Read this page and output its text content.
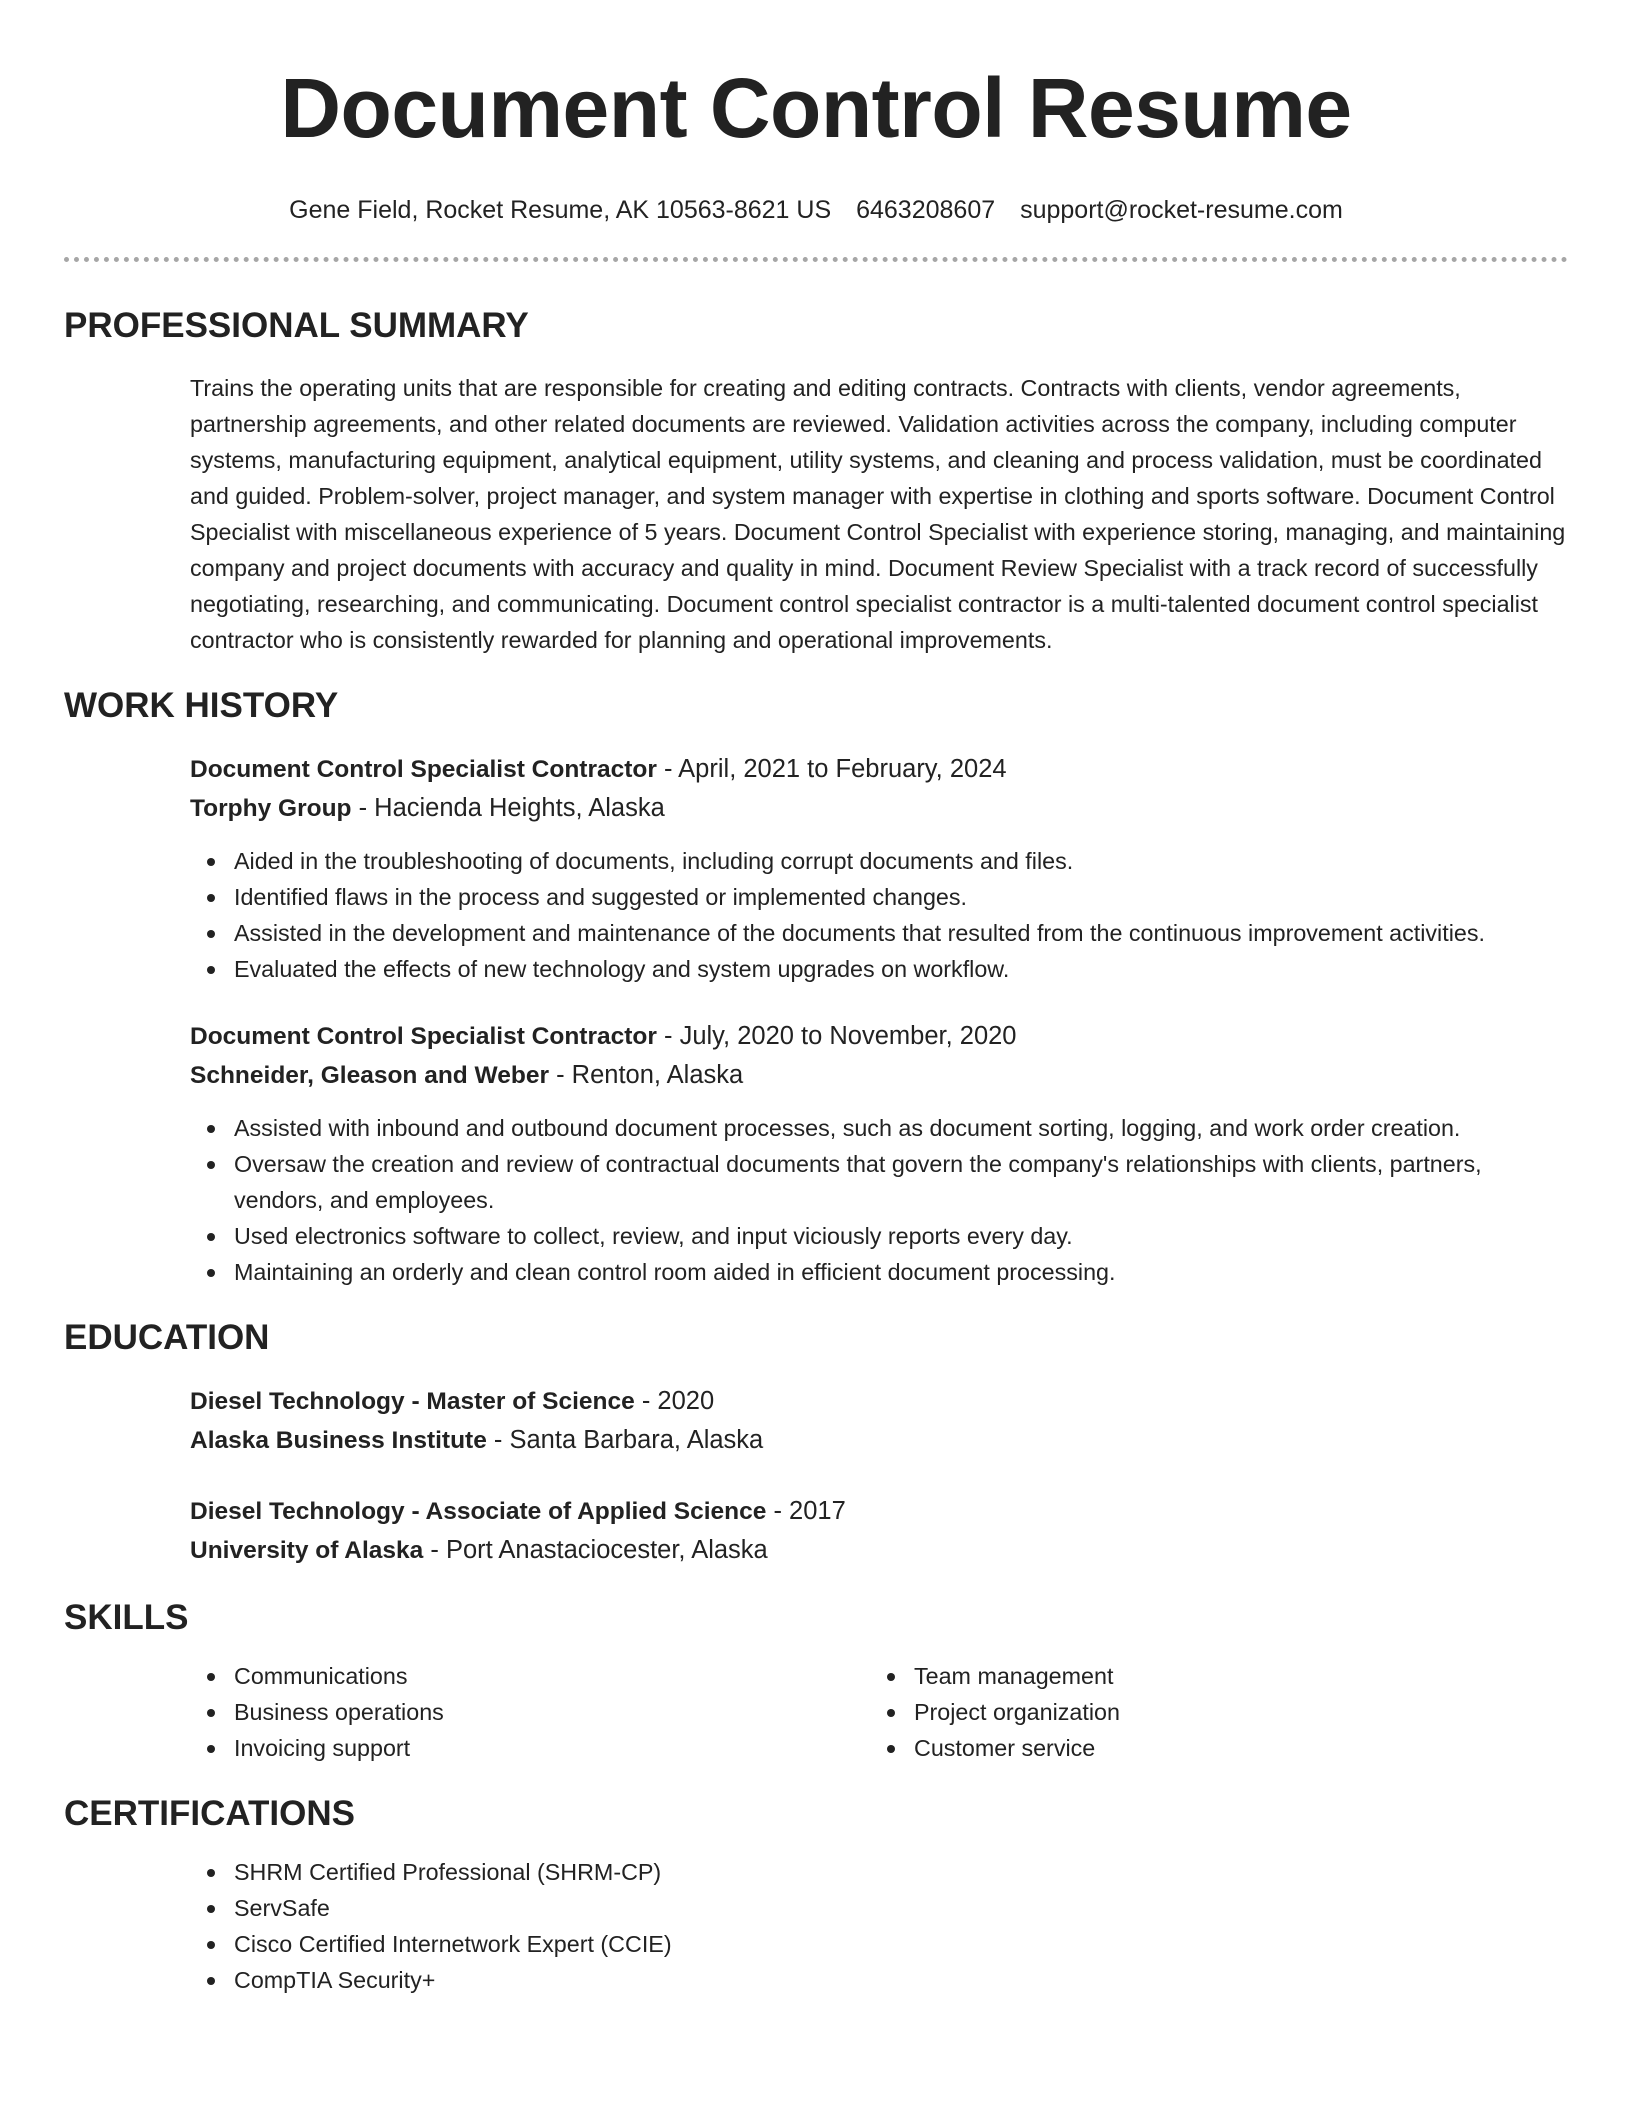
Document Control Resume
Gene Field, Rocket Resume, AK 10563-8621 US 6463208607 support@rocket-resume.com
PROFESSIONAL SUMMARY
Trains the operating units that are responsible for creating and editing contracts. Contracts with clients, vendor agreements, partnership agreements, and other related documents are reviewed. Validation activities across the company, including computer systems, manufacturing equipment, analytical equipment, utility systems, and cleaning and process validation, must be coordinated and guided. Problem-solver, project manager, and system manager with expertise in clothing and sports software. Document Control Specialist with miscellaneous experience of 5 years. Document Control Specialist with experience storing, managing, and maintaining company and project documents with accuracy and quality in mind. Document Review Specialist with a track record of successfully negotiating, researching, and communicating. Document control specialist contractor is a multi-talented document control specialist contractor who is consistently rewarded for planning and operational improvements.
WORK HISTORY
Document Control Specialist Contractor - April, 2021 to February, 2024
Torphy Group - Hacienda Heights, Alaska
Aided in the troubleshooting of documents, including corrupt documents and files.
Identified flaws in the process and suggested or implemented changes.
Assisted in the development and maintenance of the documents that resulted from the continuous improvement activities.
Evaluated the effects of new technology and system upgrades on workflow.
Document Control Specialist Contractor - July, 2020 to November, 2020
Schneider, Gleason and Weber - Renton, Alaska
Assisted with inbound and outbound document processes, such as document sorting, logging, and work order creation.
Oversaw the creation and review of contractual documents that govern the company's relationships with clients, partners, vendors, and employees.
Used electronics software to collect, review, and input viciously reports every day.
Maintaining an orderly and clean control room aided in efficient document processing.
EDUCATION
Diesel Technology - Master of Science - 2020
Alaska Business Institute - Santa Barbara, Alaska
Diesel Technology - Associate of Applied Science - 2017
University of Alaska - Port Anastaciocester, Alaska
SKILLS
Communications
Business operations
Invoicing support
Team management
Project organization
Customer service
CERTIFICATIONS
SHRM Certified Professional (SHRM-CP)
ServSafe
Cisco Certified Internetwork Expert (CCIE)
CompTIA Security+
